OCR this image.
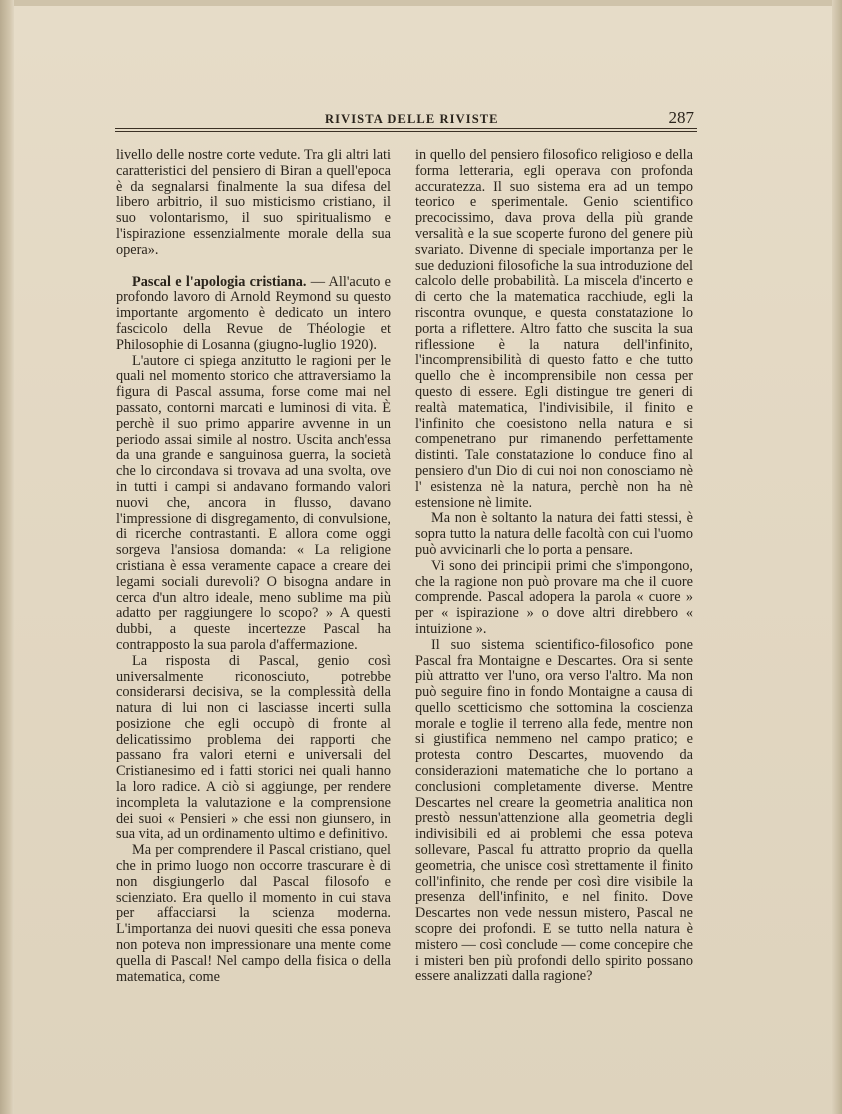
RIVISTA DELLE RIVISTE	287

livello delle nostre corte vedute. Tra gli altri lati caratteristici del pensiero di Biran a quell'epoca è da segnalarsi finalmente la sua difesa del libero arbitrio, il suo misticismo cristiano, il suo volontarismo, il suo spiritualismo e l'ispirazione essenzialmente morale della sua opera».

Pascal e l'apologia cristiana. — All'acuto e profondo lavoro di Arnold Reymond su questo importante argomento è dedicato un intero fascicolo della Revue de Théologie et Philosophie di Losanna (giugno-luglio 1920).

L'autore ci spiega anzitutto le ragioni per le quali nel momento storico che attraversiamo la figura di Pascal assuma, forse come mai nel passato, contorni marcati e luminosi di vita. È perchè il suo primo apparire avvenne in un periodo assai simile al nostro. Uscita anch'essa da una grande e sanguinosa guerra, la società che lo circondava si trovava ad una svolta, ove in tutti i campi si andavano formando valori nuovi che, ancora in flusso, davano l'impressione di disgregamento, di convulsione, di ricerche contrastanti. E allora come oggi sorgeva l'ansiosa domanda: « La religione cristiana è essa veramente capace a creare dei legami sociali durevoli? O bisogna andare in cerca d'un altro ideale, meno sublime ma più adatto per raggiungere lo scopo? » A questi dubbi, a queste incertezze Pascal ha contrapposto la sua parola d'affermazione.

La risposta di Pascal, genio così universalmente riconosciuto, potrebbe considerarsi decisiva, se la complessità della natura di lui non ci lasciasse incerti sulla posizione che egli occupò di fronte al delicatissimo problema dei rapporti che passano fra valori eterni e universali del Cristianesimo ed i fatti storici nei quali hanno la loro radice. A ciò si aggiunge, per rendere incompleta la valutazione e la comprensione dei suoi « Pensieri » che essi non giunsero, in sua vita, ad un ordinamento ultimo e definitivo.

Ma per comprendere il Pascal cristiano, quel che in primo luogo non occorre trascurare è di non disgiungerlo dal Pascal filosofo e scienziato. Era quello il momento in cui stava per affacciarsi la scienza moderna. L'importanza dei nuovi quesiti che essa poneva non poteva non impressionare una mente come quella di Pascal! Nel campo della fisica o della matematica, come

in quello del pensiero filosofico religioso e della forma letteraria, egli operava con profonda accuratezza. Il suo sistema era ad un tempo teorico e sperimentale. Genio scientifico precocissimo, dava prova della più grande versalità e la sue scoperte furono del genere più svariato. Divenne di speciale importanza per le sue deduzioni filosofiche la sua introduzione del calcolo delle probabilità. La miscela d'incerto e di certo che la matematica racchiude, egli la riscontra ovunque, e questa constatazione lo porta a riflettere. Altro fatto che suscita la sua riflessione è la natura dell'infinito, l'incomprensibilità di questo fatto e che tutto quello che è incomprensibile non cessa per questo di essere. Egli distingue tre generi di realtà matematica, l'indivisibile, il finito e l'infinito che coesistono nella natura e si compenetrano pur rimanendo perfettamente distinti. Tale constatazione lo conduce fino al pensiero d'un Dio di cui noi non conosciamo nè l' esistenza nè la natura, perchè non ha nè estensione nè limite.

Ma non è soltanto la natura dei fatti stessi, è sopra tutto la natura delle facoltà con cui l'uomo può avvicinarli che lo porta a pensare.

Vi sono dei principii primi che s'impongono, che la ragione non può provare ma che il cuore comprende. Pascal adopera la parola « cuore » per « ispirazione » o dove altri direbbero « intuizione ».

Il suo sistema scientifico-filosofico pone Pascal fra Montaigne e Descartes. Ora si sente più attratto ver l'uno, ora verso l'altro. Ma non può seguire fino in fondo Montaigne a causa di quello scetticismo che sottomina la coscienza morale e toglie il terreno alla fede, mentre non si giustifica nemmeno nel campo pratico; e protesta contro Descartes, muovendo da considerazioni matematiche che lo portano a conclusioni completamente diverse. Mentre Descartes nel creare la geometria analitica non prestò nessun'attenzione alla geometria degli indivisibili ed ai problemi che essa poteva sollevare, Pascal fu attratto proprio da quella geometria, che unisce così strettamente il finito coll'infinito, che rende per così dire visibile la presenza dell'infinito, e nel finito. Dove Descartes non vede nessun mistero, Pascal ne scopre dei profondi. E se tutto nella natura è mistero — così conclude — come concepire che i misteri ben più profondi dello spirito possano essere analizzati dalla ragione?
